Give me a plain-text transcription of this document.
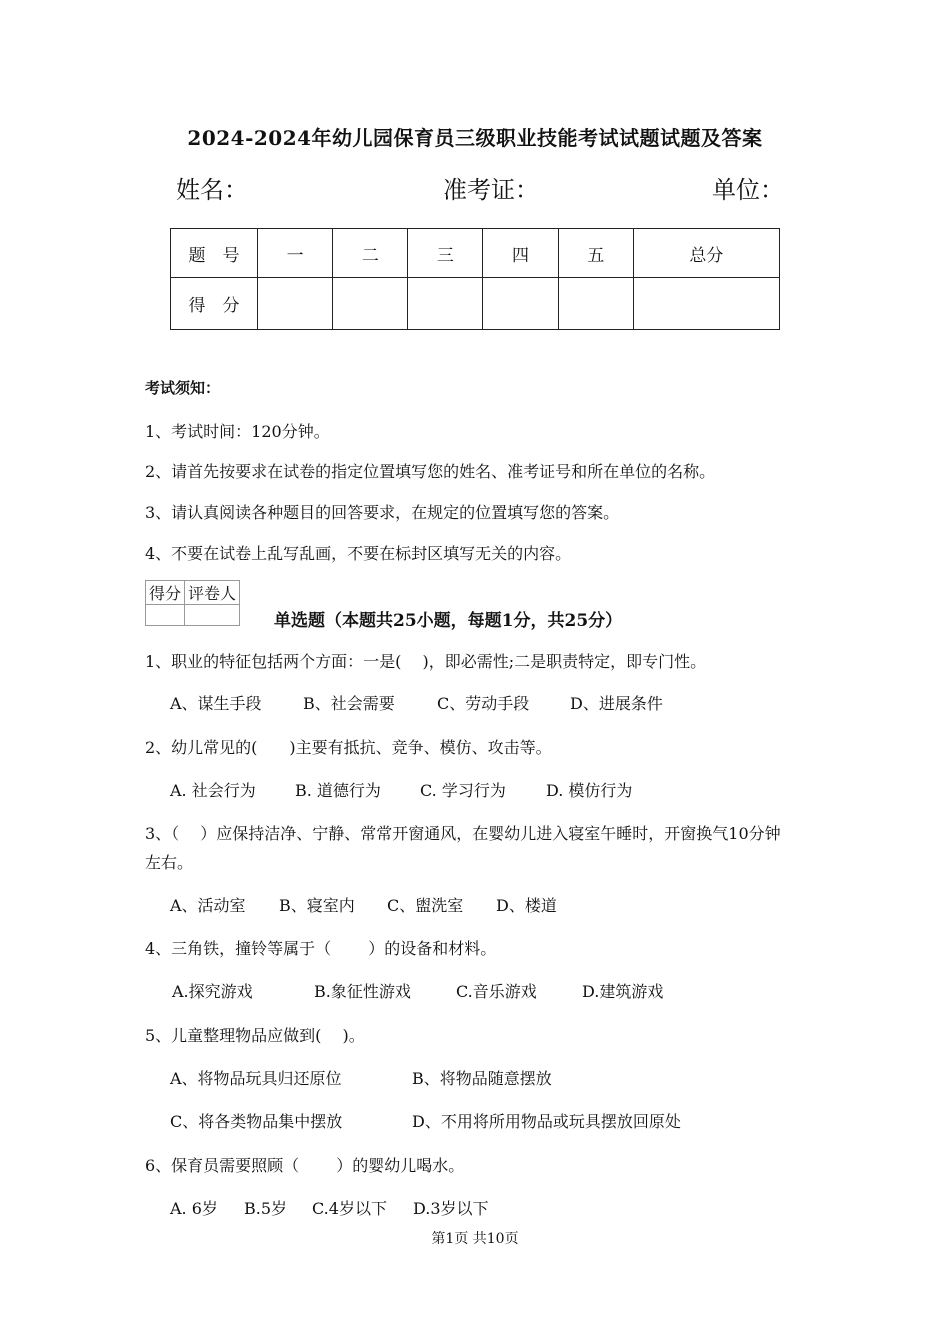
2024-2024年幼儿园保育员三级职业技能考试试题试题及答案
姓名：	准考证：	单位：
题　号	一	二	三	四	五	总分
得　分						
考试须知：
1、考试时间：120分钟。
2、请首先按要求在试卷的指定位置填写您的姓名、准考证号和所在单位的名称。
3、请认真阅读各种题目的回答要求，在规定的位置填写您的答案。
4、不要在试卷上乱写乱画，不要在标封区填写无关的内容。
得分	评卷人

单选题（本题共25小题，每题1分，共25分）
1、职业的特征包括两个方面：一是(　 )，即必需性;二是职责特定，即专门性。
A、谋生手段	B、社会需要	C、劳动手段	D、进展条件
2、幼儿常见的(　　)主要有抵抗、竞争、模仿、攻击等。
A. 社会行为 B. 道德行为 C. 学习行为	D. 模仿行为
3、（　 ）应保持洁净、宁静、常常开窗通风，在婴幼儿进入寝室午睡时，开窗换气10分钟
左右。
A、活动室 B、寝室内 C、盥洗室 D、楼道
4、三角铁，撞铃等属于（　　 ）的设备和材料。
A.探究游戏	B.象征性游戏	C.音乐游戏	D.建筑游戏
5、儿童整理物品应做到(　 )。
A、将物品玩具归还原位	B、将物品随意摆放
C、将各类物品集中摆放	D、不用将所用物品或玩具摆放回原处
6、保育员需要照顾（　　 ）的婴幼儿喝水。
A. 6岁 B.5岁 C.4岁以下 D.3岁以下
第1页 共10页
